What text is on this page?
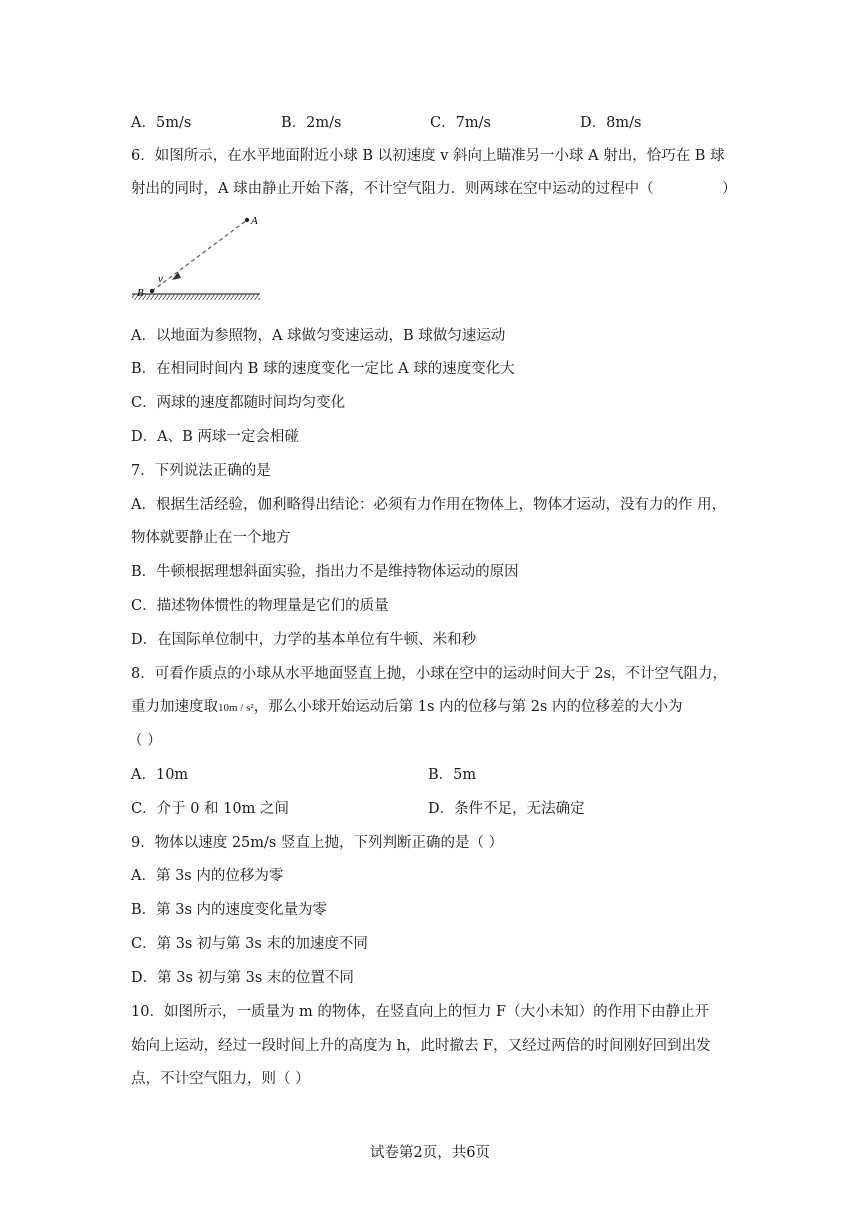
A．5m/s	B．2m/s	C．7m/s	D．8m/s
6．如图所示，在水平地面附近小球 B 以初速度 v 斜向上瞄准另一小球 A 射出，恰巧在 B 球
射出的同时，A 球由静止开始下落，不计空气阻力．则两球在空中运动的过程中（	）
A
B
v
A．以地面为参照物，A 球做匀变速运动，B 球做匀速运动
B．在相同时间内 B 球的速度变化一定比 A 球的速度变化大
C．两球的速度都随时间均匀变化
D．A、B 两球一定会相碰
7．下列说法正确的是
A．根据生活经验，伽利略得出结论：必须有力作用在物体上，物体才运动，没有力的作 用，
物体就要静止在一个地方
B．牛顿根据理想斜面实验，指出力不是维持物体运动的原因
C．描述物体惯性的物理量是它们的质量
D．在国际单位制中，力学的基本单位有牛顿、米和秒
8．可看作质点的小球从水平地面竖直上抛，小球在空中的运动时间大于 2s，不计空气阻力，
重力加速度取10m / s²，那么小球开始运动后第 1s 内的位移与第 2s 内的位移差的大小为
（ ）
A．10m	B．5m
C．介于 0 和 10m 之间	D．条件不足，无法确定
9．物体以速度 25m/s 竖直上抛，下列判断正确的是（ ）
A．第 3s 内的位移为零
B．第 3s 内的速度变化量为零
C．第 3s 初与第 3s 末的加速度不同
D．第 3s 初与第 3s 末的位置不同
10．如图所示，一质量为 m 的物体，在竖直向上的恒力 F（大小未知）的作用下由静止开
始向上运动，经过一段时间上升的高度为 h，此时撤去 F，又经过两倍的时间刚好回到出发
点，不计空气阻力，则（ ）
试卷第2页，共6页
